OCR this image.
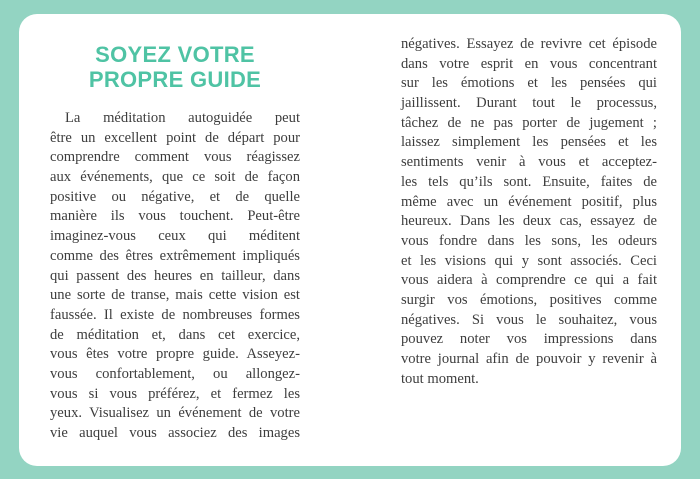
SOYEZ VOTRE
PROPRE GUIDE
La méditation autoguidée peut
être un excellent point de départ pour
comprendre comment vous réagissez
aux événements, que ce soit de façon
positive ou négative, et de quelle
manière ils vous touchent. Peut-être
imaginez-vous ceux qui méditent
comme des êtres extrêmement impliqués
qui passent des heures en tailleur, dans
une sorte de transe, mais cette vision est
faussée. Il existe de nombreuses formes
de méditation et, dans cet exercice,
vous êtes votre propre guide. Asseyez-
vous confortablement, ou allongez-
vous si vous préférez, et fermez les
yeux. Visualisez un événement de votre
vie auquel vous associez des images
négatives. Essayez de revivre cet épisode
dans votre esprit en vous concentrant
sur les émotions et les pensées qui
jaillissent. Durant tout le processus,
tâchez de ne pas porter de jugement ;
laissez simplement les pensées et les
sentiments venir à vous et acceptez-
les tels qu’ils sont. Ensuite, faites de
même avec un événement positif, plus
heureux. Dans les deux cas, essayez de
vous fondre dans les sons, les odeurs
et les visions qui y sont associés. Ceci
vous aidera à comprendre ce qui a fait
surgir vos émotions, positives comme
négatives. Si vous le souhaitez, vous
pouvez noter vos impressions dans
votre journal afin de pouvoir y revenir à
tout moment.
